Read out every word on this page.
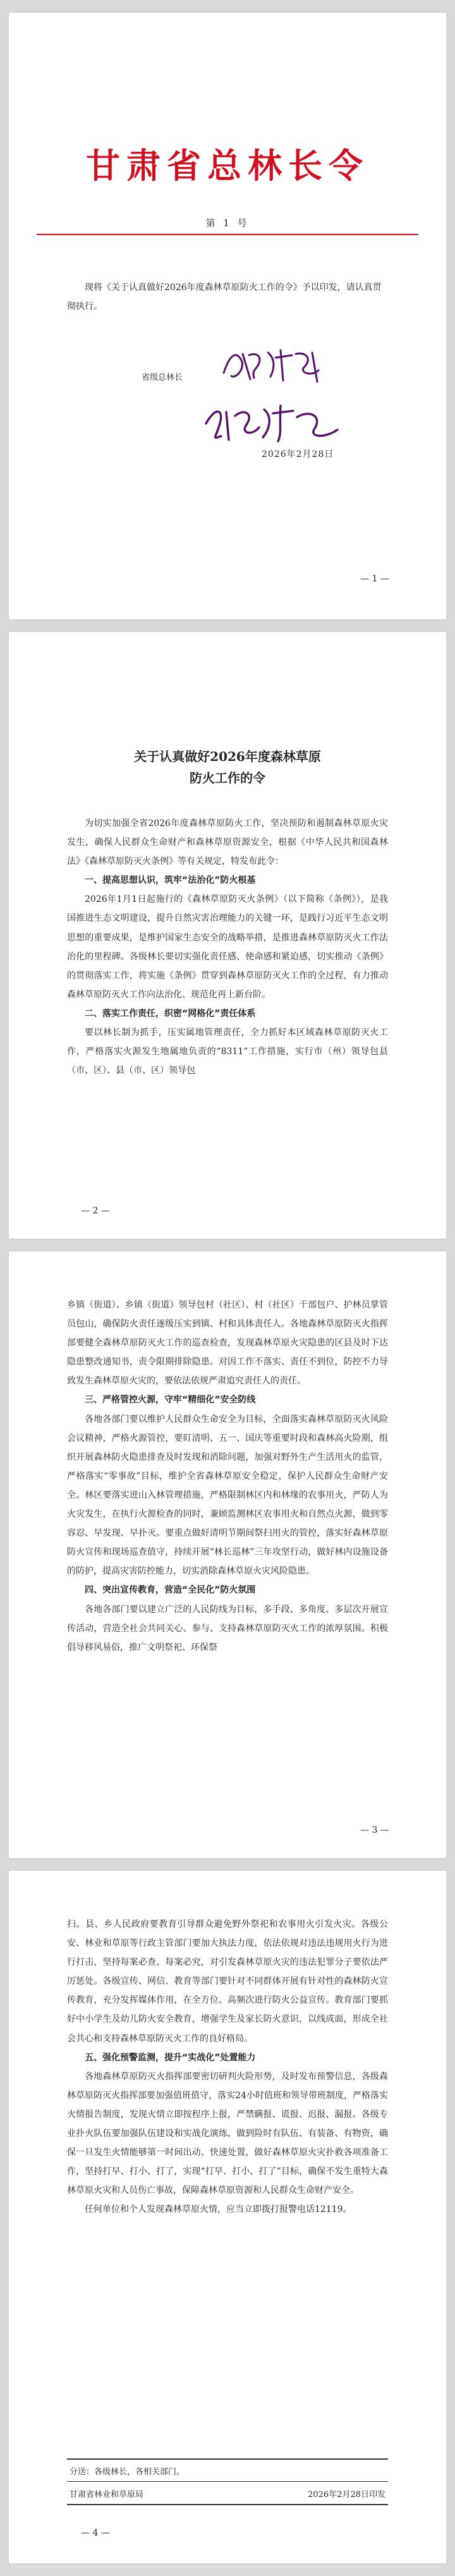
甘肃省总林长令
第 1 号
现将《关于认真做好2026年度森林草原防火工作的令》予以印发，请认真贯彻执行。
省级总林长
2026年2月28日
— 1 —
关于认真做好2026年度森林草原
防火工作的令

为切实加强全省2026年度森林草原防火工作，坚决预防和遏制森林草原火灾发生，确保人民群众生命财产和森林草原资源安全，根据《中华人民共和国森林法》《森林草原防灭火条例》等有关规定，特发布此令：

一、提高思想认识，筑牢“法治化”防火根基

2026年1月1日起施行的《森林草原防灭火条例》（以下简称《条例》），是我国推进生态文明建设，提升自然灾害治理能力的关键一环，是践行习近平生态文明思想的重要成果，是维护国家生态安全的战略举措，是推进森林草原防灭火工作法治化的里程碑。各级林长要切实强化责任感、使命感和紧迫感，切实推动《条例》的贯彻落实工作，将实施《条例》贯穿到森林草原防灭火工作的全过程，有力推动森林草原防灭火工作向法治化、规范化再上新台阶。

二、落实工作责任，织密“网格化”责任体系

要以林长制为抓手，压实属地管理责任，全力抓好本区域森林草原防灭火工作，严格落实火源发生地属地负责的“8311”工作措施，实行市（州）领导包县（市、区）、县（市、区）领导包

— 2 —

乡镇（街道）、乡镇（街道）领导包村（社区）、村（社区）干部包户、护林员掌管员包山，确保防火责任逐级压实到镇、村和具体责任人。各地森林草原防灭火指挥部要健全森林草原防灭火工作的巡查检查，发现森林草原火灾隐患的区县及时下达隐患整改通知书，责令限期排除隐患。对因工作不落实、责任不到位，防控不力导致发生森林草原火灾的，要依法依规严肃追究责任人的责任。

三、严格管控火源，守牢“精细化”安全防线

各地各部门要以维护人民群众生命安全为目标，全面落实森林草原防灭火风险会议精神，严格火源管控，要盯清明、五一、国庆等重要时段和森林高火险期，组织开展森林防火隐患排查及时发现和消除问题，加强对野外生产生活用火的监管，严格落实“零事故”目标，维护全省森林草原安全稳定，保护人民群众生命财产安全。林区要落实进山入林管理措施，严格限制林区内和林缘的农事用火，严防人为火灾发生，在执行火源检查的同时，兼顾监测林区农事用火和自然点火源，做到零容忍、早发现、早扑灭。要重点做好清明节期间祭扫用火的管控，落实好森林草原防火宣传和现场巡查值守，持续开展“林长巡林”三年攻坚行动，做好林内设施设备的防护，提高灾害防控能力，切实消除森林草原火灾风险隐患。

四、突出宣传教育，营造“全民化”防火氛围

各地各部门要以建立广泛的人民防线为目标，多手段、多角度、多层次开展宣传活动，营造全社会共同关心、参与、支持森林草原防灭火工作的浓厚氛围。积极倡导移风易俗，推广文明祭祀、环保祭

— 3 —

扫。县、乡人民政府要教育引导群众避免野外祭祀和农事用火引发火灾。各级公安、林业和草原等行政主管部门要加大执法力度，依法依规对违法违规用火行为进行打击，坚持每案必查、每案必究，对引发森林草原火灾的违法犯罪分子要依法严厉惩处。各级宣传、网信、教育等部门要针对不同群体开展有针对性的森林防火宣传教育，充分发挥媒体作用，在全方位、高频次进行防火公益宣传。教育部门要抓好中小学生及幼儿防火安全教育，增强学生及家长防火意识，以线成面，形成全社会共心和支持森林草原防灭火工作的良好格局。

五、强化预警监测，提升“实战化”处置能力

各地森林草原防灭火指挥部要密切研判火险形势，及时发布预警信息，各级森林草原防灭火指挥部要加强值班值守，落实24小时值班和领导带班制度，严格落实火情报告制度，发现火情立即按程序上报，严禁瞒报、谎报、迟报、漏报。各级专业扑火队伍要加强队伍建设和实战化演练，做到险时有队伍、有装备、有物资，确保一旦发生火情能够第一时间出动、快速处置，做好森林草原火灾扑救各项准备工作，坚持打早、打小、打了，实现“打早、打小、打了”目标，确保不发生重特大森林草原火灾和人员伤亡事故，保障森林草原资源和人民群众生命财产安全。

任何单位和个人发现森林草原火情，应当立即拨打报警电话12119。

分送：各级林长，各相关部门。
甘肃省林业和草原局	2026年2月28日印发
— 4 —
